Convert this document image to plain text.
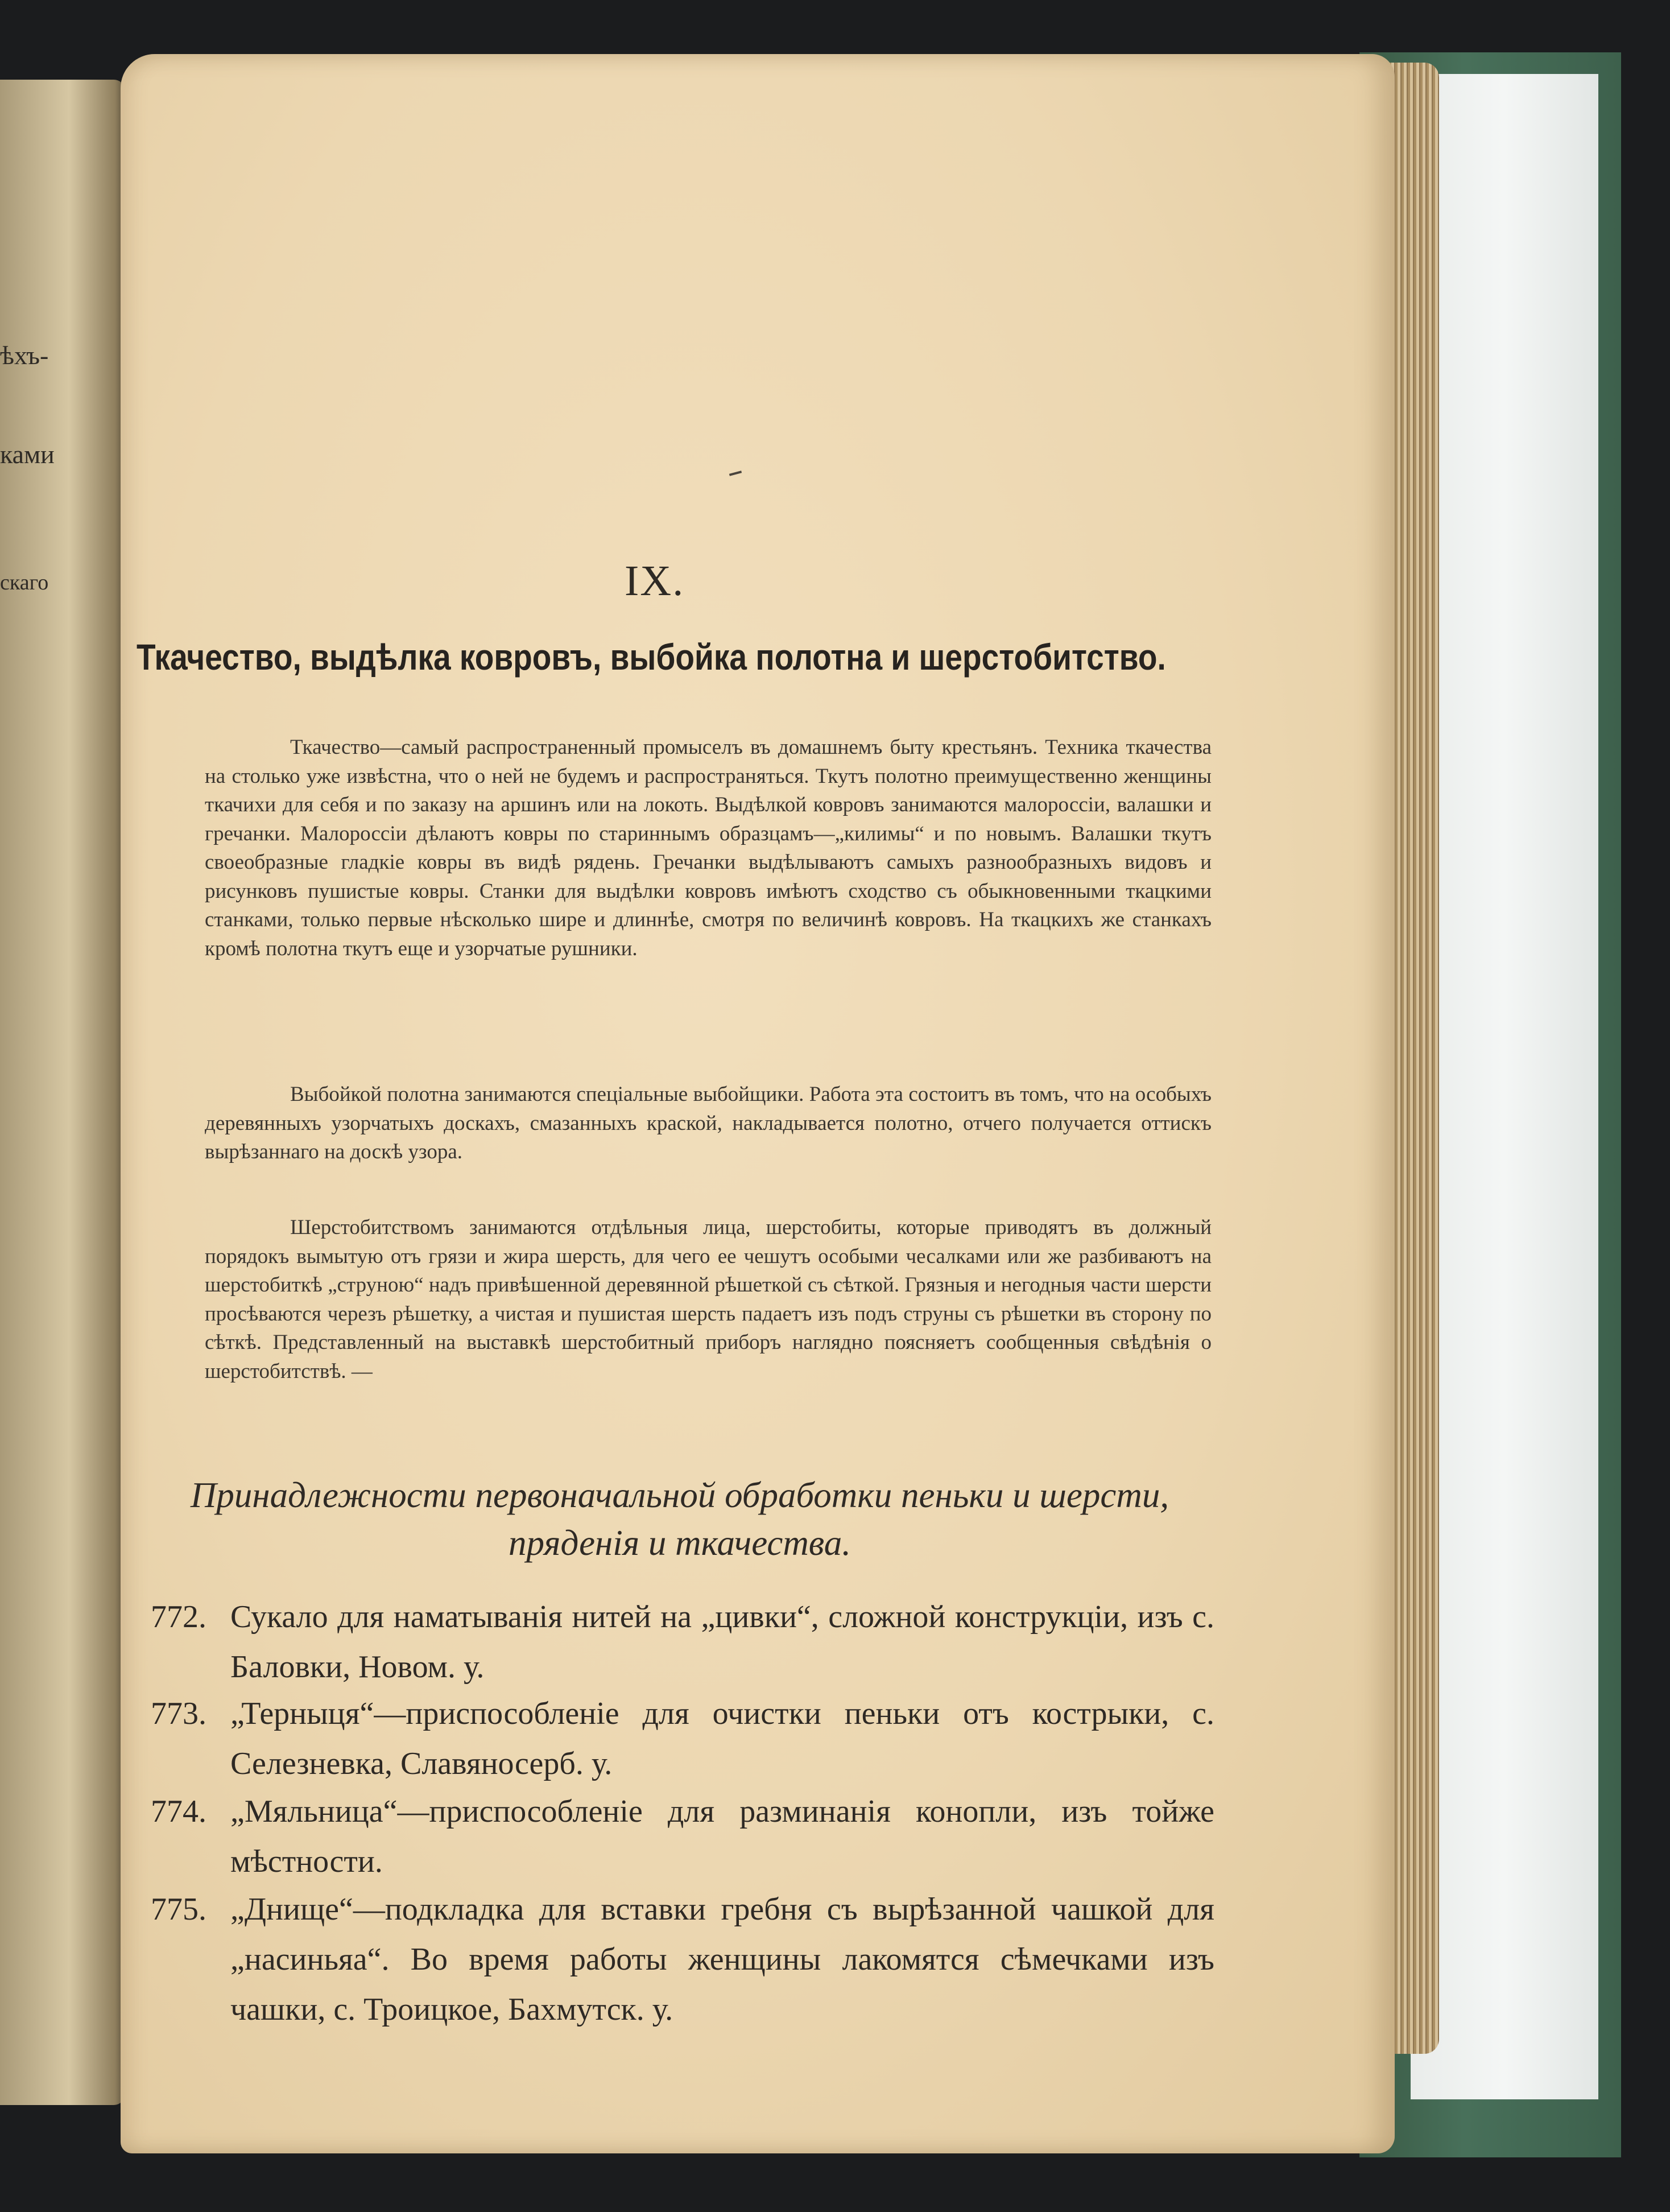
ѣхъ-
ками
скаго	IX.
Ткачество, выдѣлка ковровъ, выбойка полотна и шерстобитство.

Ткачество—самый распространенный промыселъ въ домашнемъ быту крестьянъ. Техника ткачества на столько уже извѣстна, что о ней не будемъ и распространяться. Ткутъ полотно преимущественно женщины ткачихи для себя и по заказу на аршинъ или на локоть. Выдѣлкой ковровъ занимаются малороссіи, валашки и гречанки. Малороссіи дѣлаютъ ковры по стариннымъ образцамъ—„килимы“ и по новымъ. Валашки ткутъ своеобразные гладкіе ковры въ видѣ рядень. Гречанки выдѣлываютъ самыхъ разнообразныхъ видовъ и рисунковъ пушистые ковры. Станки для выдѣлки ковровъ имѣютъ сходство съ обыкновенными ткацкими станками, только первые нѣсколько шире и длиннѣе, смотря по величинѣ ковровъ. На ткацкихъ же станкахъ кромѣ полотна ткутъ еще и узорчатые рушники.

Выбойкой полотна занимаются спеціальные выбойщики. Работа эта состоитъ въ томъ, что на особыхъ деревянныхъ узорчатыхъ доскахъ, смазанныхъ краской, накладывается полотно, отчего получается оттискъ вырѣзаннаго на доскѣ узора.

Шерстобитствомъ занимаются отдѣльныя лица, шерстобиты, которые приводятъ въ должный порядокъ вымытую отъ грязи и жира шерсть, для чего ее чешутъ особыми чесалками или же разбиваютъ на шерстобиткѣ „струною“ надъ привѣшенной деревянной рѣшеткой съ сѣткой. Грязныя и негодныя части шерсти просѣваются черезъ рѣшетку, а чистая и пушистая шерсть падаетъ изъ подъ струны съ рѣшетки въ сторону по сѣткѣ. Представленный на выставкѣ шерстобитный приборъ наглядно поясняетъ сообщенныя свѣдѣнія о шерстобитствѣ. —

Принадлежности первоначальной обработки пеньки и шерсти, пряденія и ткачества.
772. Сукало для наматыванія нитей на „цивки“, сложной конструкціи, изъ с. Баловки, Новом. у.
773. „Терныця“—приспособленіе для очистки пеньки отъ кострыки, с. Селезневка, Славяносерб. у.
774. „Мяльница“—приспособленіе для разминанія конопли, изъ тойже мѣстности.
775. „Днище“—подкладка для вставки гребня съ вырѣзанной чашкой для „насиньяа“. Во время работы женщины лакомятся сѣмечками изъ чашки, с. Троицкое, Бахмутск. у.
